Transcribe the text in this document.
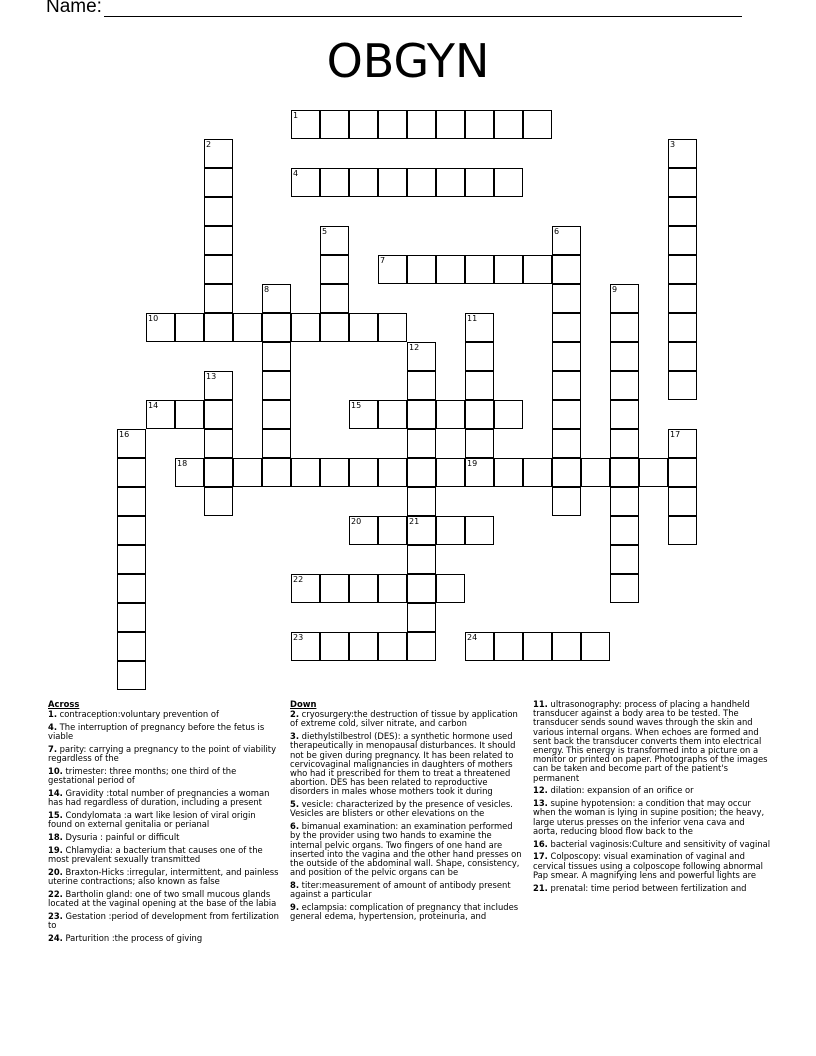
Name:
OBGYN
1
2	3
4
5	6
7
8	9
10	11
12
13
14	15
16	17
18	19
20	21
22
23	24
Across
1. contraception:voluntary prevention of
4. The interruption of pregnancy before the fetus is viable
7. parity: carrying a pregnancy to the point of viability regardless of the
10. trimester: three months; one third of the gestational period of
14. Gravidity :total number of pregnancies a woman has had regardless of duration, including a present
15. Condylomata :a wart like lesion of viral origin found on external genitalia or perianal
18. Dysuria : painful or difficult
19. Chlamydia: a bacterium that causes one of the most prevalent sexually transmitted
20. Braxton-Hicks :irregular, intermittent, and painless uterine contractions; also known as false
22. Bartholin gland: one of two small mucous glands located at the vaginal opening at the base of the labia
23. Gestation :period of development from fertilization to
24. Parturition :the process of giving
Down
2. cryosurgery:the destruction of tissue by application of extreme cold, silver nitrate, and carbon
3. diethylstilbestrol (DES): a synthetic hormone used therapeutically in menopausal disturbances. It should not be given during pregnancy. It has been related to cervicovaginal malignancies in daughters of mothers who had it prescribed for them to treat a threatened abortion. DES has been related to reproductive disorders in males whose mothers took it during
5. vesicle: characterized by the presence of vesicles. Vesicles are blisters or other elevations on the
6. bimanual examination: an examination performed by the provider using two hands to examine the internal pelvic organs. Two fingers of one hand are inserted into the vagina and the other hand presses on the outside of the abdominal wall. Shape, consistency, and position of the pelvic organs can be
8. titer:measurement of amount of antibody present against a particular
9. eclampsia: complication of pregnancy that includes general edema, hypertension, proteinuria, and
11. ultrasonography: process of placing a handheld transducer against a body area to be tested. The transducer sends sound waves through the skin and various internal organs. When echoes are formed and sent back the transducer converts them into electrical energy. This energy is transformed into a picture on a monitor or printed on paper. Photographs of the images can be taken and become part of the patient's permanent
12. dilation: expansion of an orifice or
13. supine hypotension: a condition that may occur when the woman is lying in supine position; the heavy, large uterus presses on the inferior vena cava and aorta, reducing blood flow back to the
16. bacterial vaginosis:Culture and sensitivity of vaginal
17. Colposcopy: visual examination of vaginal and cervical tissues using a colposcope following abnormal Pap smear. A magnifying lens and powerful lights are
21. prenatal: time period between fertilization and
